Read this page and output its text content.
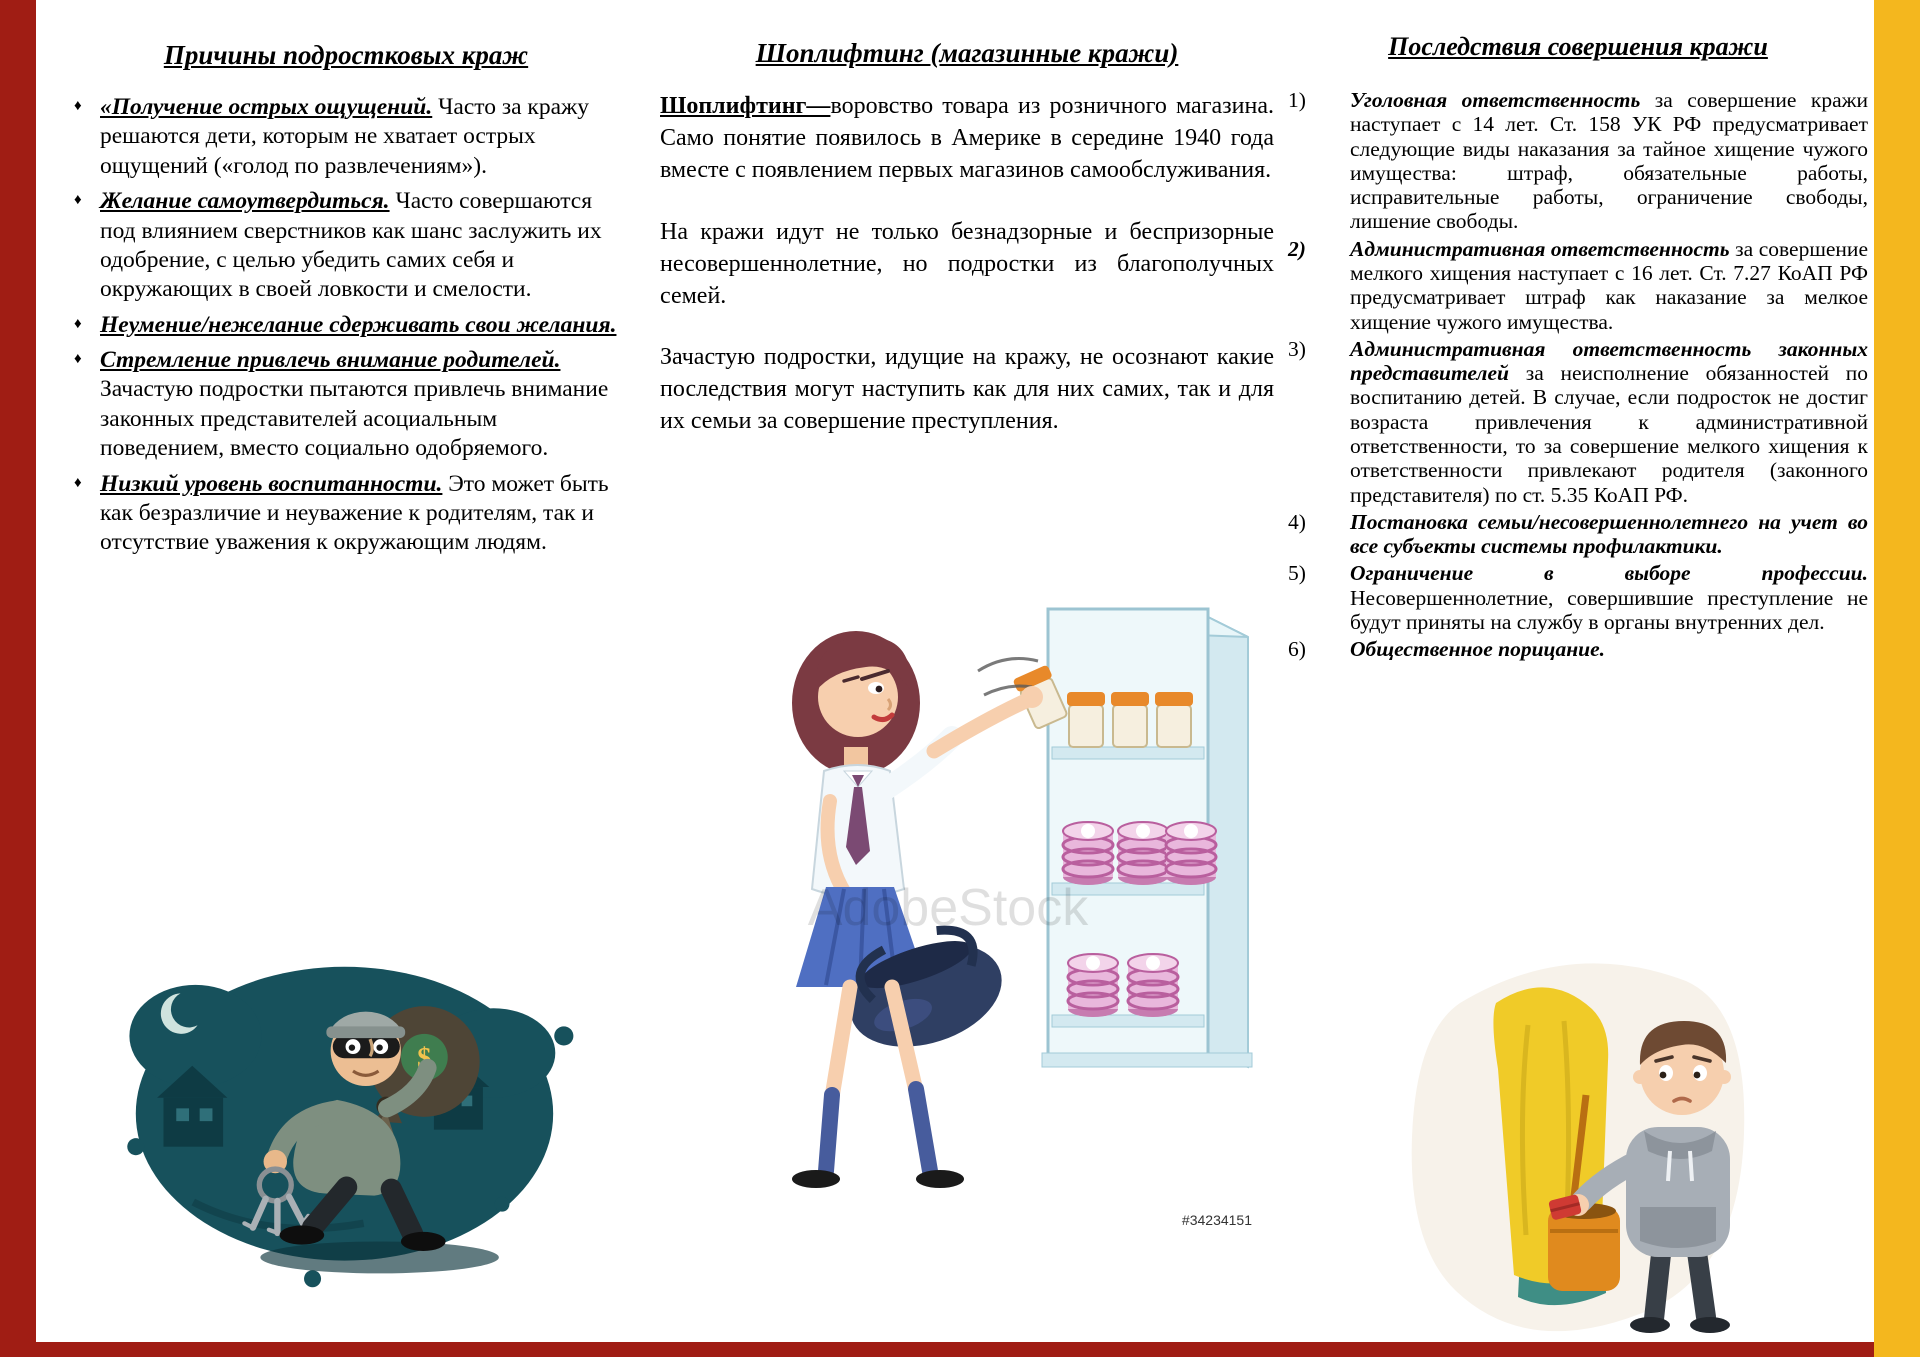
Причины подростковых краж
♦ «Получение острых ощущений. Часто за кражу решаются дети, которым не хватает острых ощущений («голод по развлечениям»).
♦ Желание самоутвердиться. Часто совершаются под влиянием сверстников как шанс заслужить их одобрение, с целью убедить самих себя и окружающих в своей ловкости и смелости.
♦ Неумение/нежелание сдерживать свои желания.
♦ Стремление привлечь внимание родителей. Зачастую подростки пытаются привлечь внимание законных представителей асоциальным поведением, вместо социально одобряемого.
♦ Низкий уровень воспитанности. Это может быть как безразличие и неуважение к родителям, так и отсутствие уважения к окружающим людям.
Шоплифтинг (магазинные кражи)

Шоплифтинг—воровство товара из розничного магазина. Само понятие появилось в Америке в середине 1940 года вместе с появлением первых магазинов самообслуживания.

На кражи идут не только безнадзорные и беспризорные несовершеннолетние, но подростки из благополучных семей.

Зачастую подростки, идущие на кражу, не осознают какие последствия могут наступить как для них самих, так и для их семьи за совершение преступления.

Последствия совершения кражи
1)	Уголовная ответственность за совершение кражи наступает с 14 лет. Ст. 158 УК РФ предусматривает следующие виды наказания за тайное хищение чужого имущества: штраф, обязательные работы, исправительные работы, ограничение свободы, лишение свободы.
2)	Административная ответственность за совершение мелкого хищения наступает с 16 лет. Ст. 7.27 КоАП РФ предусматривает штраф как наказание за мелкое хищение чужого имущества.
3)	Административная ответственность законных представителей за неисполнение обязанностей по воспитанию детей. В случае, если подросток не достиг возраста привлечения к административной ответственности, то за совершение мелкого хищения к ответственности привлекают родителя (законного представителя) по ст. 5.35 КоАП РФ.
4)	Постановка семьи/несовершеннолетнего на учет во все субъекты системы профилактики.
5)	Ограничение в выборе профессии. Несовершеннолетние, совершившие преступление не будут приняты на службу в органы внутренних дел.
6)	Общественное порицание.
$
AdobeStock
#34234151
